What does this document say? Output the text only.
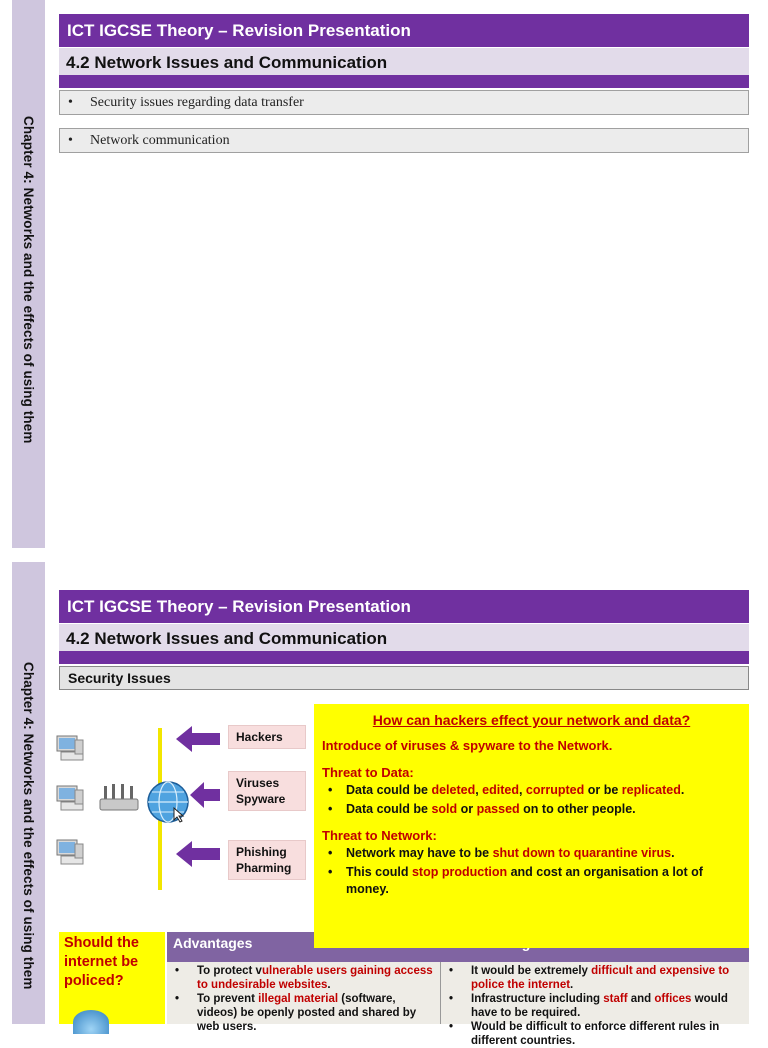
Chapter 4: Networks and the effects of using them
ICT IGCSE Theory – Revision Presentation
4.2 Network Issues and Communication
• Security issues regarding data transfer
• Network communication
Chapter 4: Networks and the effects of using them
ICT IGCSE Theory – Revision Presentation
4.2 Network Issues and Communication
Security Issues
Hackers
Viruses
Spyware
Phishing
Pharming
Should the internet be policed?
Advantages
• To protect vulnerable users gaining access to undesirable websites.
• To prevent illegal material (software, videos) be openly posted and shared by web users.
• It would be extremely difficult and expensive to police the internet.
• Infrastructure including staff and offices would have to be required.
• Would be difficult to enforce different rules in different countries.
How can hackers effect your network and data?
Introduce of viruses & spyware to the Network.
Threat to Data:
• Data could be deleted, edited, corrupted or be replicated.
• Data could be sold or passed on to other people.
Threat to Network:
• Network may have to be shut down to quarantine virus.
• This could stop production and cost an organisation a lot of money.
